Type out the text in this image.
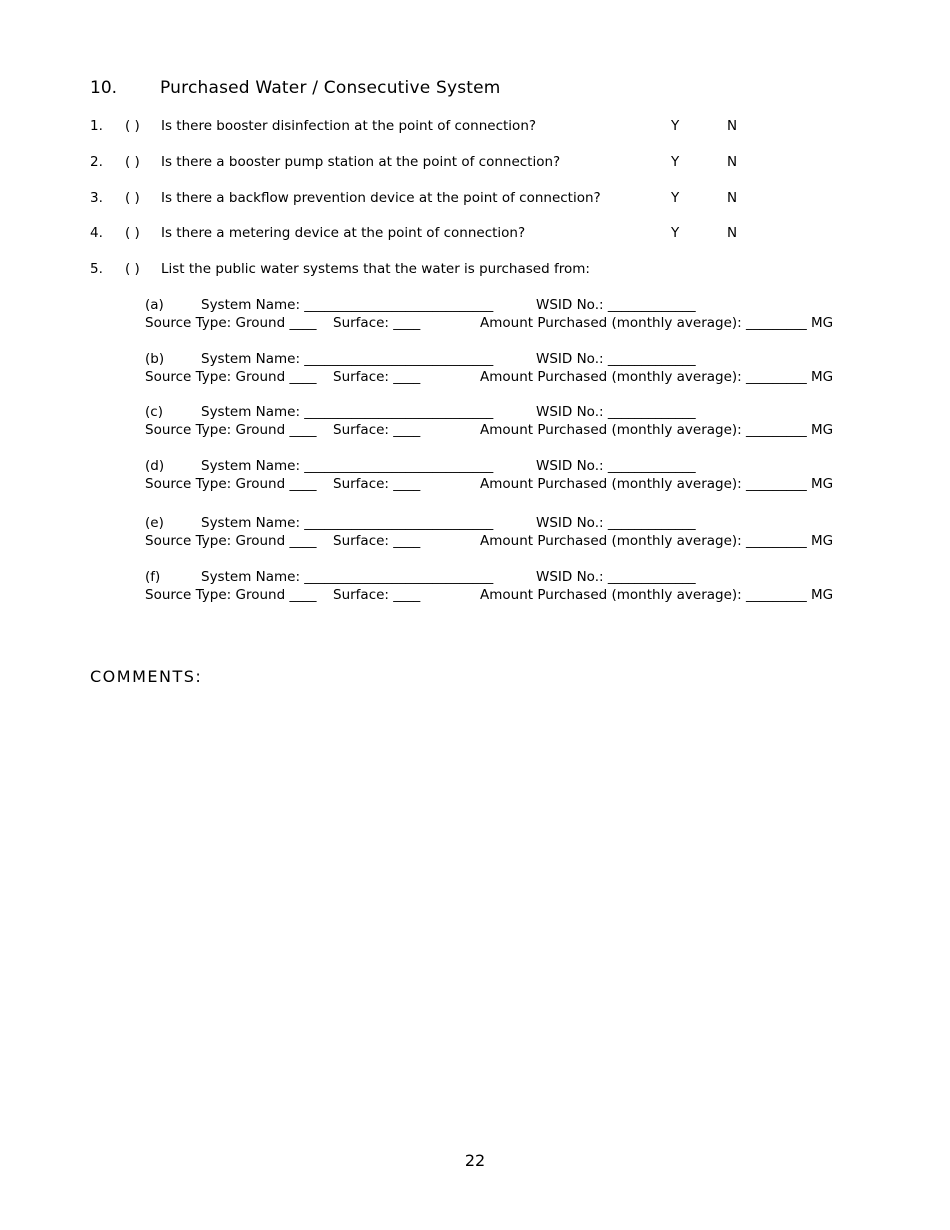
10.	Purchased Water / Consecutive System
1. ( ) Is there booster disinfection at the point of connection?	Y	N
2. ( ) Is there a booster pump station at the point of connection?	Y	N
3. ( ) Is there a backflow prevention device at the point of connection?	Y	N
4. ( ) Is there a metering device at the point of connection?	Y	N
5. ( ) List the public water systems that the water is purchased from:
(a)	System Name: ____________________________	WSID No.: _____________
Source Type: Ground ____ Surface: ____	Amount Purchased (monthly average): _________ MG
(b)	System Name: ____________________________	WSID No.: _____________
Source Type: Ground ____ Surface: ____	Amount Purchased (monthly average): _________ MG
(c)	System Name: ____________________________	WSID No.: _____________
Source Type: Ground ____ Surface: ____	Amount Purchased (monthly average): _________ MG
(d)	System Name: ____________________________	WSID No.: _____________
Source Type: Ground ____ Surface: ____	Amount Purchased (monthly average): _________ MG
(e)	System Name: ____________________________	WSID No.: _____________
Source Type: Ground ____ Surface: ____	Amount Purchased (monthly average): _________ MG
(f)	System Name: ____________________________	WSID No.: _____________
Source Type: Ground ____ Surface: ____	Amount Purchased (monthly average): _________ MG
COMMENTS:
22
